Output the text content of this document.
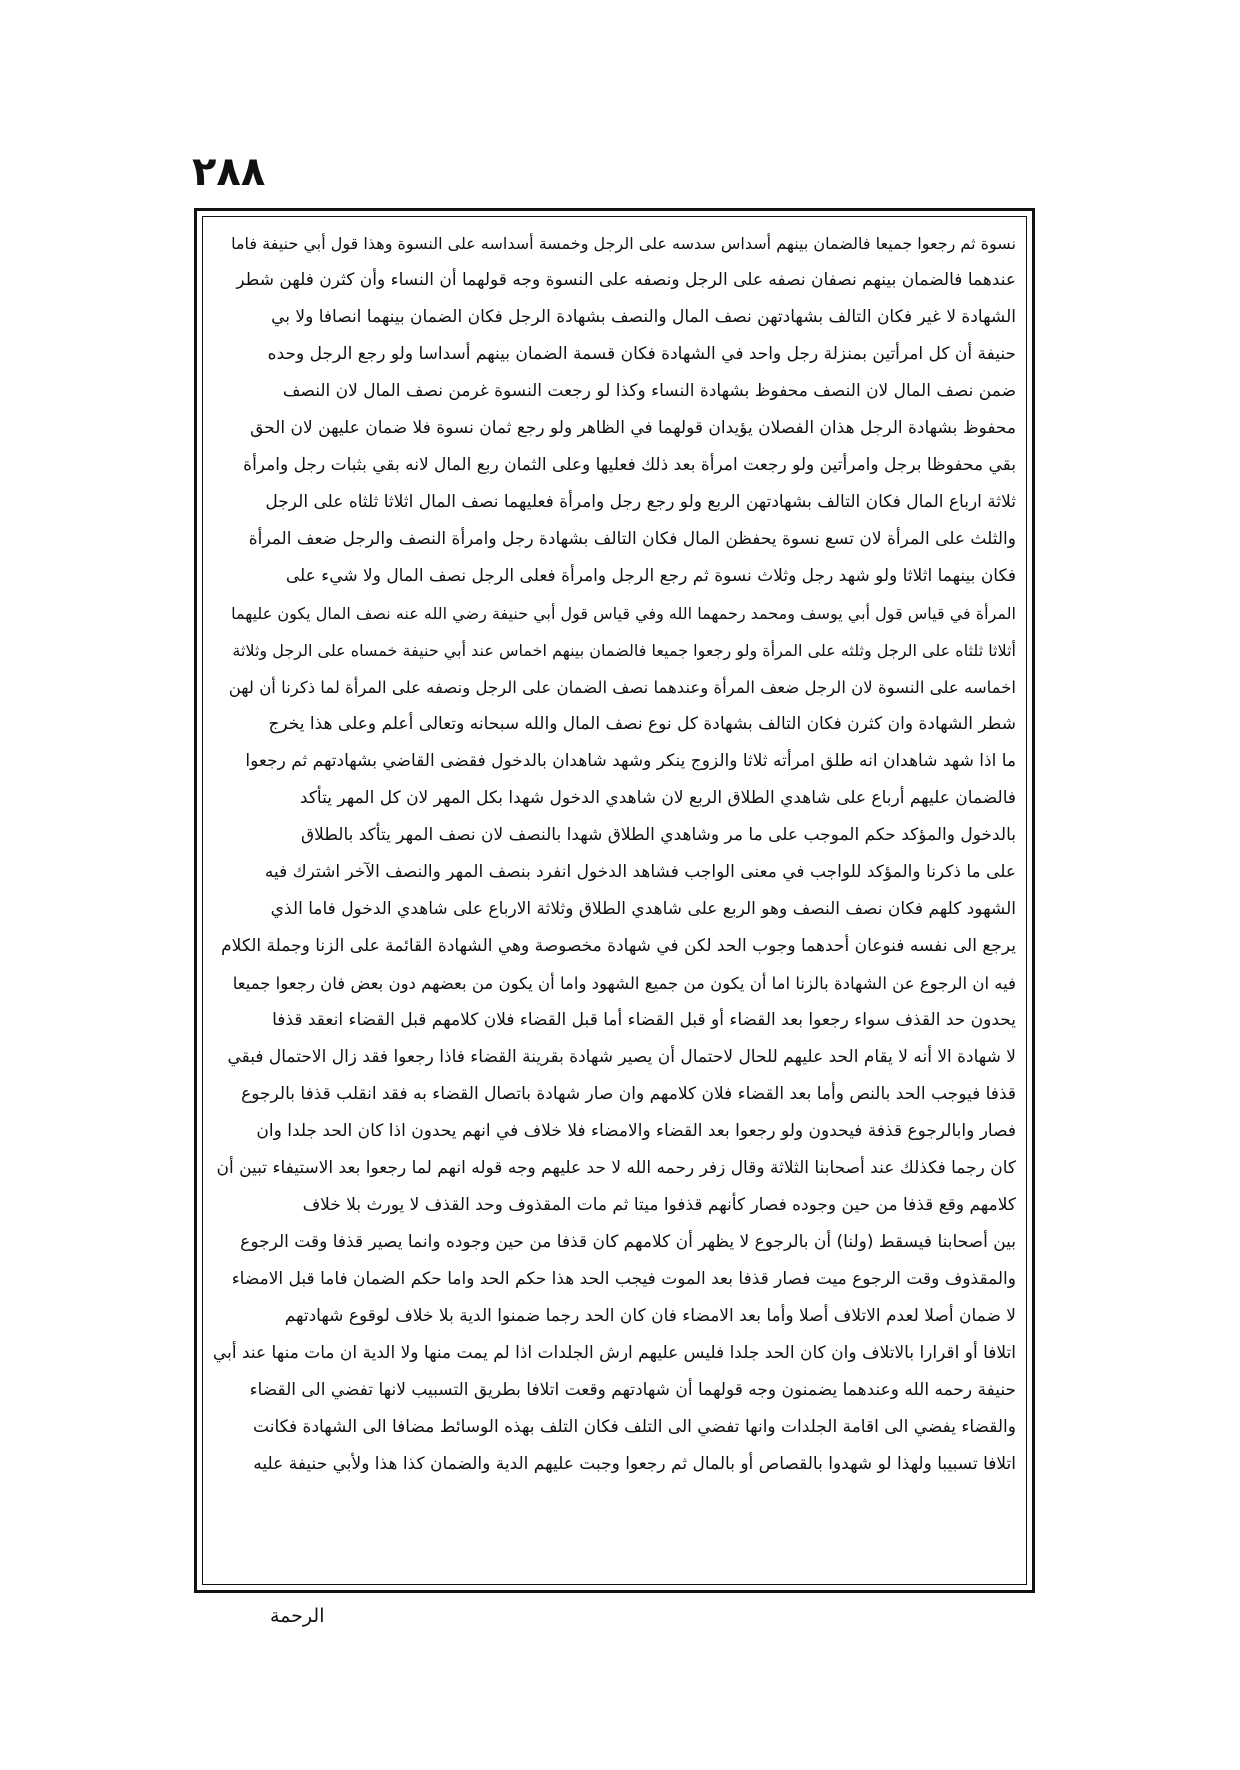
۲۸۸
نسوة ثم رجعوا جميعا فالضمان بينهم أسداس سدسه على الرجل وخمسة أسداسه على النسوة وهذا قول أبي حنيفة فاما
عندهما فالضمان بينهم نصفان نصفه على الرجل ونصفه على النسوة وجه قولهما أن النساء وأن كثرن فلهن شطر
الشهادة لا غير فكان التالف بشهادتهن نصف المال والنصف بشهادة الرجل فكان الضمان بينهما انصافا ولا بي
حنيفة أن كل امرأتين بمنزلة رجل واحد في الشهادة فكان قسمة الضمان بينهم أسداسا ولو رجع الرجل وحده
ضمن نصف المال لان النصف محفوظ بشهادة النساء وكذا لو رجعت النسوة غرمن نصف المال لان النصف
محفوظ بشهادة الرجل هذان الفصلان يؤيدان قولهما في الظاهر ولو رجع ثمان نسوة فلا ضمان عليهن لان الحق
بقي محفوظا برجل وامرأتين ولو رجعت امرأة بعد ذلك فعليها وعلى الثمان ربع المال لانه بقي بثبات رجل وامرأة
ثلاثة ارباع المال فكان التالف بشهادتهن الربع ولو رجع رجل وامرأة فعليهما نصف المال اثلاثا ثلثاه على الرجل
والثلث على المرأة لان تسع نسوة يحفظن المال فكان التالف بشهادة رجل وامرأة النصف والرجل ضعف المرأة
فكان بينهما اثلاثا ولو شهد رجل وثلاث نسوة ثم رجع الرجل وامرأة فعلى الرجل نصف المال ولا شيء على
المرأة في قياس قول أبي يوسف ومحمد رحمهما الله وفي قياس قول أبي حنيفة رضي الله عنه نصف المال يكون عليهما
أثلاثا ثلثاه على الرجل وثلثه على المرأة ولو رجعوا جميعا فالضمان بينهم اخماس عند أبي حنيفة خمساه على الرجل وثلاثة
اخماسه على النسوة لان الرجل ضعف المرأة وعندهما نصف الضمان على الرجل ونصفه على المرأة لما ذكرنا أن لهن
شطر الشهادة وان كثرن فكان التالف بشهادة كل نوع نصف المال والله سبحانه وتعالى أعلم وعلى هذا يخرج
ما اذا شهد شاهدان انه طلق امرأته ثلاثا والزوج ينكر وشهد شاهدان بالدخول فقضى القاضي بشهادتهم ثم رجعوا
فالضمان عليهم أرباع على شاهدي الطلاق الربع لان شاهدي الدخول شهدا بكل المهر لان كل المهر يتأكد
بالدخول والمؤكد حكم الموجب على ما مر وشاهدي الطلاق شهدا بالنصف لان نصف المهر يتأكد بالطلاق
على ما ذكرنا والمؤكد للواجب في معنى الواجب فشاهد الدخول انفرد بنصف المهر والنصف الآخر اشترك فيه
الشهود كلهم فكان نصف النصف وهو الربع على شاهدي الطلاق وثلاثة الارباع على شاهدي الدخول فاما الذي
يرجع الى نفسه فنوعان أحدهما وجوب الحد لكن في شهادة مخصوصة وهي الشهادة القائمة على الزنا وجملة الكلام
فيه ان الرجوع عن الشهادة بالزنا اما أن يكون من جميع الشهود واما أن يكون من بعضهم دون بعض فان رجعوا جميعا
يحدون حد القذف سواء رجعوا بعد القضاء أو قبل القضاء أما قبل القضاء فلان كلامهم قبل القضاء انعقد قذفا
لا شهادة الا أنه لا يقام الحد عليهم للحال لاحتمال أن يصير شهادة بقرينة القضاء فاذا رجعوا فقد زال الاحتمال فبقي
قذفا فيوجب الحد بالنص وأما بعد القضاء فلان كلامهم وان صار شهادة باتصال القضاء به فقد انقلب قذفا بالرجوع
فصار وابالرجوع قذفة فيحدون ولو رجعوا بعد القضاء والامضاء فلا خلاف في انهم يحدون اذا كان الحد جلدا وان
كان رجما فكذلك عند أصحابنا الثلاثة وقال زفر رحمه الله لا حد عليهم وجه قوله انهم لما رجعوا بعد الاستيفاء تبين أن
كلامهم وقع قذفا من حين وجوده فصار كأنهم قذفوا ميتا ثم مات المقذوف وحد القذف لا يورث بلا خلاف
بين أصحابنا فيسقط (ولنا) أن بالرجوع لا يظهر أن كلامهم كان قذفا من حين وجوده وانما يصير قذفا وقت الرجوع
والمقذوف وقت الرجوع ميت فصار قذفا بعد الموت فيجب الحد هذا حكم الحد واما حكم الضمان فاما قبل الامضاء
لا ضمان أصلا لعدم الاتلاف أصلا وأما بعد الامضاء فان كان الحد رجما ضمنوا الدية بلا خلاف لوقوع شهادتهم
اتلافا أو اقرارا بالاتلاف وان كان الحد جلدا فليس عليهم ارش الجلدات اذا لم يمت منها ولا الدية ان مات منها عند أبي
حنيفة رحمه الله وعندهما يضمنون وجه قولهما أن شهادتهم وقعت اتلافا بطريق التسبيب لانها تفضي الى القضاء
والقضاء يفضي الى اقامة الجلدات وانها تفضي الى التلف فكان التلف بهذه الوسائط مضافا الى الشهادة فكانت
اتلافا تسبيبا ولهذا لو شهدوا بالقصاص أو بالمال ثم رجعوا وجبت عليهم الدية والضمان كذا هذا ولأبي حنيفة عليه
الرحمة
